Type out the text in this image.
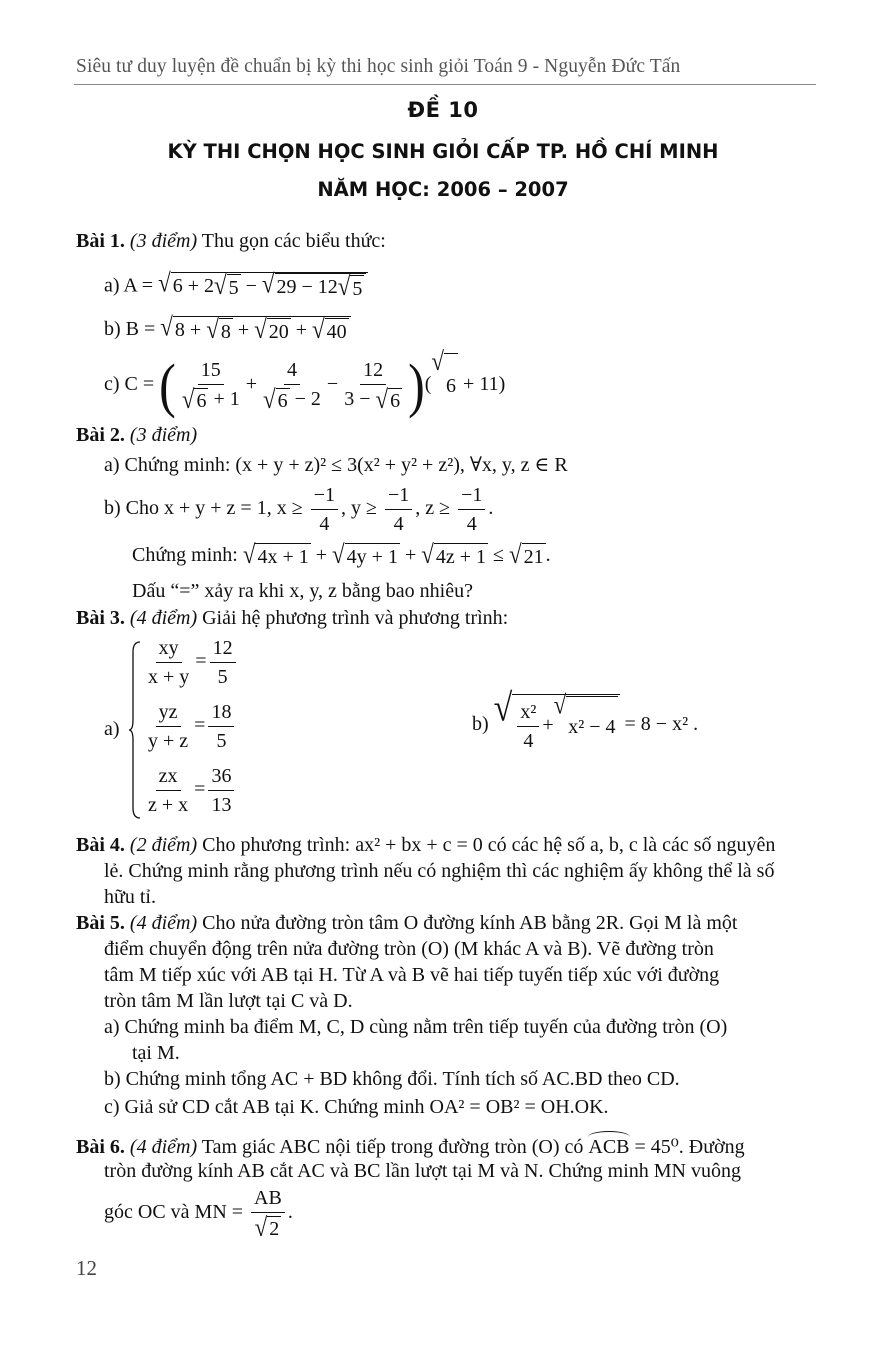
Siêu tư duy luyện đề chuẩn bị kỳ thi học sinh giỏi Toán 9 - Nguyễn Đức Tấn
ĐỀ 10
KỲ THI CHỌN HỌC SINH GIỎI CẤP TP. HỒ CHÍ MINH
NĂM HỌC: 2006 – 2007
Bài 1. (3 điểm) Thu gọn các biểu thức:
a) A = √ 6 + 2 √ 5 − √ 29 − 12 √ 5
b) B = √ 8 + √ 8 + √ 20 + √ 40
c) C = ( $\frac{15}{√ 6 + 1} + \frac{4}{√ 6 - 2} - \frac{12}{3 - √ 6}$ )(
√
6 + 11)
Bài 2. (3 điểm)
a) Chứng minh: (x + y + z)² ≤ 3(x² + y² + z²), ∀x, y, z ∈ R
b) Cho x + y + z = 1, $x \ge \frac{-1}{4}$ , $y \ge \frac{-1}{4}$ , $z \ge \frac{-1}{4}$ .
Chứng minh: √ 4x + 1 + √ 4y + 1 + √ 4z + 1 ≤ √ 21 .
Dấu “=” xảy ra khi x, y, z bằng bao nhiêu?
Bài 3. (4 điểm) Giải hệ phương trình và phương trình:
a)
$\frac{xy}{x + y} = \frac{12}{5}$
$\frac{yz}{y + z} = \frac{18}{5}$
$\frac{zx}{z + x} = \frac{36}{13}$
b) √ $\frac{\text{x²}}{4}$ +
√
x² − 4 = 8 − x² .
Bài 4. (2 điểm) Cho phương trình: ax² + bx + c = 0 có các hệ số a, b, c là các số nguyên
lẻ. Chứng minh rằng phương trình nếu có nghiệm thì các nghiệm ấy không thể là số
hữu tỉ.
Bài 5. (4 điểm) Cho nửa đường tròn tâm O đường kính AB bằng 2R. Gọi M là một
điểm chuyển động trên nửa đường tròn (O) (M khác A và B). Vẽ đường tròn
tâm M tiếp xúc với AB tại H. Từ A và B vẽ hai tiếp tuyến tiếp xúc với đường
tròn tâm M lần lượt tại C và D.
a) Chứng minh ba điểm M, C, D cùng nằm trên tiếp tuyến của đường tròn (O)
tại M.
b) Chứng minh tổng AC + BD không đổi. Tính tích số AC.BD theo CD.
c) Giả sử CD cắt AB tại K. Chứng minh OA² = OB² = OH.OK.
Bài 6. (4 điểm) Tam giác ABC nội tiếp trong đường tròn (O) có ACB
= 45⁰. Đường
tròn đường kính AB cắt AC và BC lần lượt tại M và N. Chứng minh MN vuông
góc OC và MN = $\frac{AB}{√ 2}$ .
12
